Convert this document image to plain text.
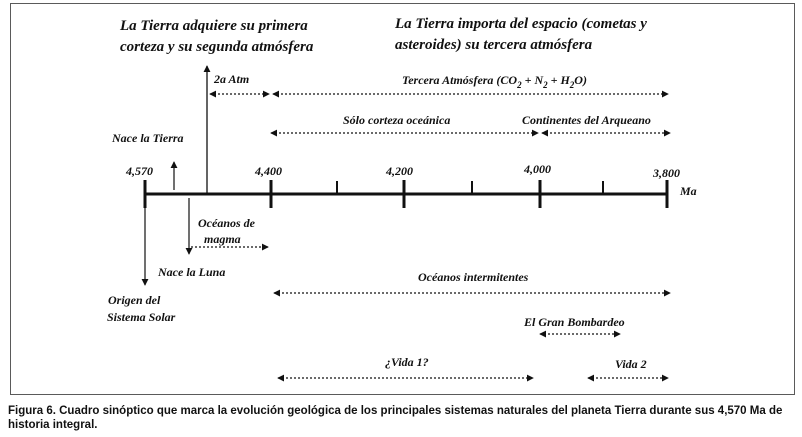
La Tierra adquiere su primera
corteza y su segunda atmósfera
La Tierra importa del espacio (cometas y
asteroides) su tercera atmósfera
4,570	4,400	4,200	4,000	3,800
Ma
2a Atm	Tercera Atmósfera $(CO_2 + N_2 + H_2O)$
Sólo corteza oceánica	Continentes del Arqueano
Nace la Tierra
Océanos de
magma
Nace la Luna
Origen del
Sistema Solar
Océanos intermitentes
El Gran Bombardeo
¿Vida 1?	Vida 2
Figura 6. Cuadro sinóptico que marca la evolución geológica de los principales sistemas naturales del planeta Tierra durante sus 4,570 Ma de historia integral.
